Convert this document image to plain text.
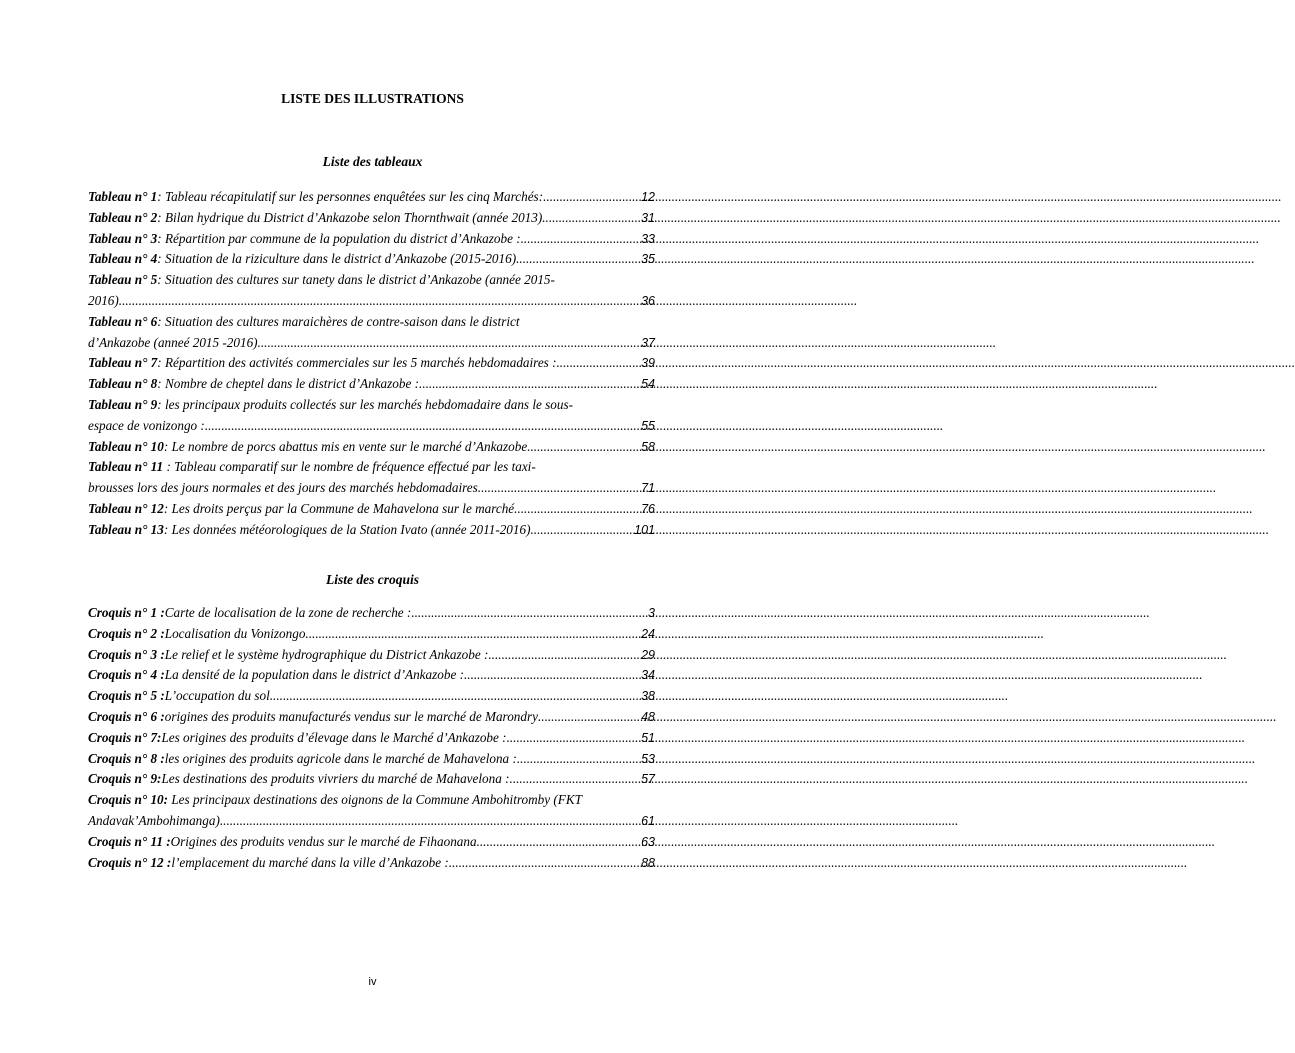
LISTE DES ILLUSTRATIONS
Liste des tableaux
Tableau n° 1 : Tableau récapitulatif sur les personnes enquêtées sur les cinq Marchés: .....	12
Tableau n° 2 : Bilan hydrique du District d’Ankazobe selon Thornthwait (année 2013) .....	31
Tableau n° 3 : Répartition par commune de la population du district d’Ankazobe : .....	33
Tableau n° 4 : Situation de la riziculture dans le district d’Ankazobe (2015-2016) .....	35
Tableau n° 5: Situation des cultures sur tanety dans le district d’Ankazobe (année 2015-
2016) .....	36
Tableau n° 6: Situation des cultures maraichères de contre-saison dans le district
d’Ankazobe (anneé 2015 -2016) .....	37
Tableau n° 7 : Répartition des activités commerciales sur les 5 marchés hebdomadaires : .....	39
Tableau n° 8 : Nombre de cheptel dans le district d’Ankazobe : .....	54
Tableau n° 9: les principaux produits collectés sur les marchés hebdomadaire dans le sous-
espace de vonizongo : .....	55
Tableau n° 10 : Le nombre de porcs abattus mis en vente sur le marché d’Ankazobe .....	58
Tableau n° 11 : Tableau comparatif sur le nombre de fréquence effectué par les taxi-
brousses lors des jours normales et des jours des marchés hebdomadaires .....	71
Tableau n° 12 : Les droits perçus par la Commune de Mahavelona sur le marché .....	76
Tableau n° 13 : Les données météorologiques de la Station Ivato (année 2011-2016) .....	101
Liste des croquis
Croquis n° 1 : Carte de localisation de la zone de recherche : .....	3
Croquis n° 2 : Localisation du Vonizongo .....	24
Croquis n° 3 : Le relief et le système hydrographique du District Ankazobe : .....	29
Croquis n° 4 : La densité de la population dans le district d’Ankazobe : .....	34
Croquis n° 5 : L’occupation du sol .....	38
Croquis n° 6 : origines des produits manufacturés vendus sur le marché de Marondry .....	48
Croquis n° 7: Les origines des produits d’élevage dans le Marché d’Ankazobe : .....	51
Croquis n° 8 : les origines des produits agricole dans le marché de Mahavelona : .....	53
Croquis n° 9: Les destinations des produits vivriers du marché de Mahavelona : .....	57
Croquis n° 10: Les principaux destinations des oignons de la Commune Ambohitromby (FKT
Andavak’Ambohimanga) .....	61
Croquis n° 11 : Origines des produits vendus sur le marché de Fihaonana .....	63
Croquis n° 12 : l’emplacement du marché dans la ville d’Ankazobe : .....	88
iv
